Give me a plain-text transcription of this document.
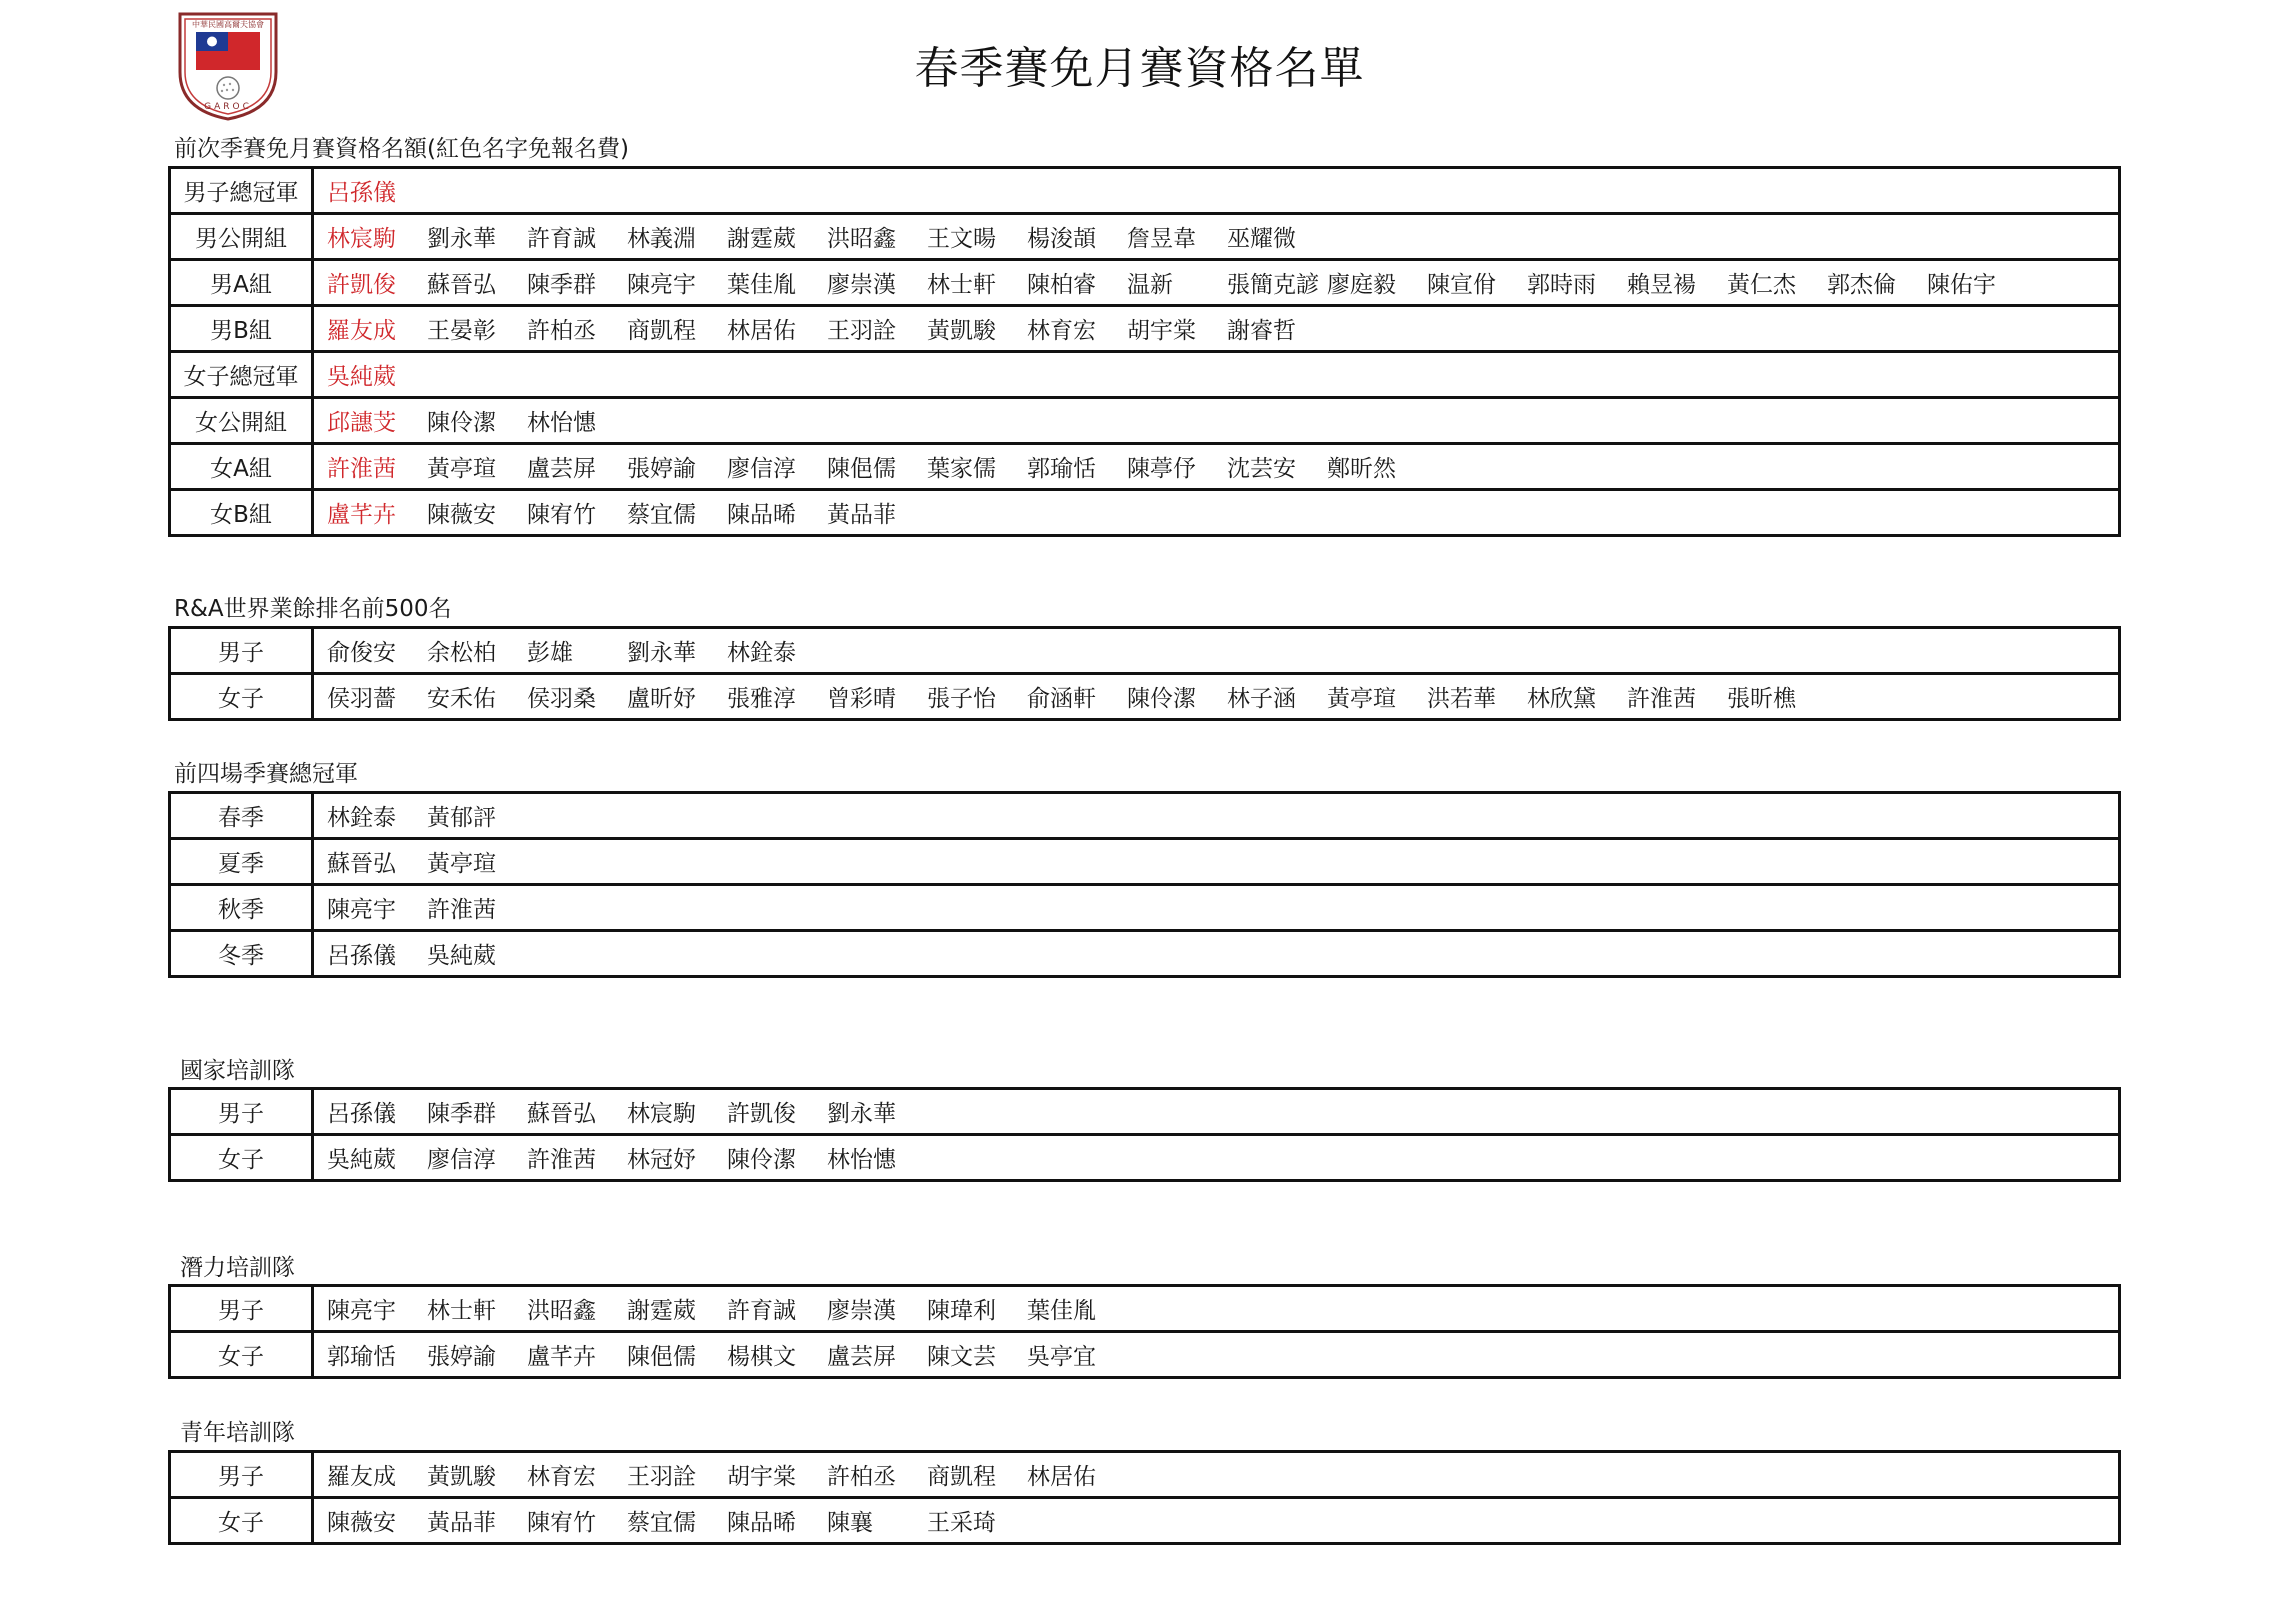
中華民國高爾夫協會
GAROC
春季賽免月賽資格名單
前次季賽免月賽資格名額(紅色名字免報名費)
男子總冠軍	呂孫儀
男公開組	林宸駒 劉永華 許育誠 林義淵 謝霆葳 洪昭鑫 王文暘 楊浚頡 詹昱韋 巫耀微
男A組	許凱俊 蘇晉弘 陳季群 陳亮宇 葉佳胤 廖崇漢 林士軒 陳柏睿 温新 張簡克諺 廖庭毅 陳宣佾 郭時雨 賴昱禓 黃仁杰 郭杰倫 陳佑宇
男B組	羅友成 王晏彰 許柏丞 商凱程 林居佑 王羽詮 黃凱駿 林育宏 胡宇棠 謝睿哲
女子總冠軍	吳純葳
女公開組	邱譓芠 陳伶潔 林怡憓
女A組	許淮茜 黃亭瑄 盧芸屏 張婷諭 廖信淳 陳俋儒 葉家儒 郭瑜恬 陳葶伃 沈芸安 鄭昕然
女B組	盧芊卉 陳薇安 陳宥竹 蔡宜儒 陳品晞 黃品菲
R&A世界業餘排名前500名
男子	俞俊安 余松柏 彭雄 劉永華 林銓泰
女子	侯羽薔 安禾佑 侯羽桑 盧昕妤 張雅淳 曾彩晴 張子怡 俞涵軒 陳伶潔 林子涵 黃亭瑄 洪若華 林欣黛 許淮茜 張昕樵
前四場季賽總冠軍
春季	林銓泰 黃郁評
夏季	蘇晉弘 黃亭瑄
秋季	陳亮宇 許淮茜
冬季	呂孫儀 吳純葳
國家培訓隊
男子	呂孫儀 陳季群 蘇晉弘 林宸駒 許凱俊 劉永華
女子	吳純葳 廖信淳 許淮茜 林冠妤 陳伶潔 林怡憓
潛力培訓隊
男子	陳亮宇 林士軒 洪昭鑫 謝霆葳 許育誠 廖崇漢 陳瑋利 葉佳胤
女子	郭瑜恬 張婷諭 盧芊卉 陳俋儒 楊棋文 盧芸屏 陳文芸 吳亭宜
青年培訓隊
男子	羅友成 黃凱駿 林育宏 王羽詮 胡宇棠 許柏丞 商凱程 林居佑
女子	陳薇安 黃品菲 陳宥竹 蔡宜儒 陳品晞 陳襄 王采琦
